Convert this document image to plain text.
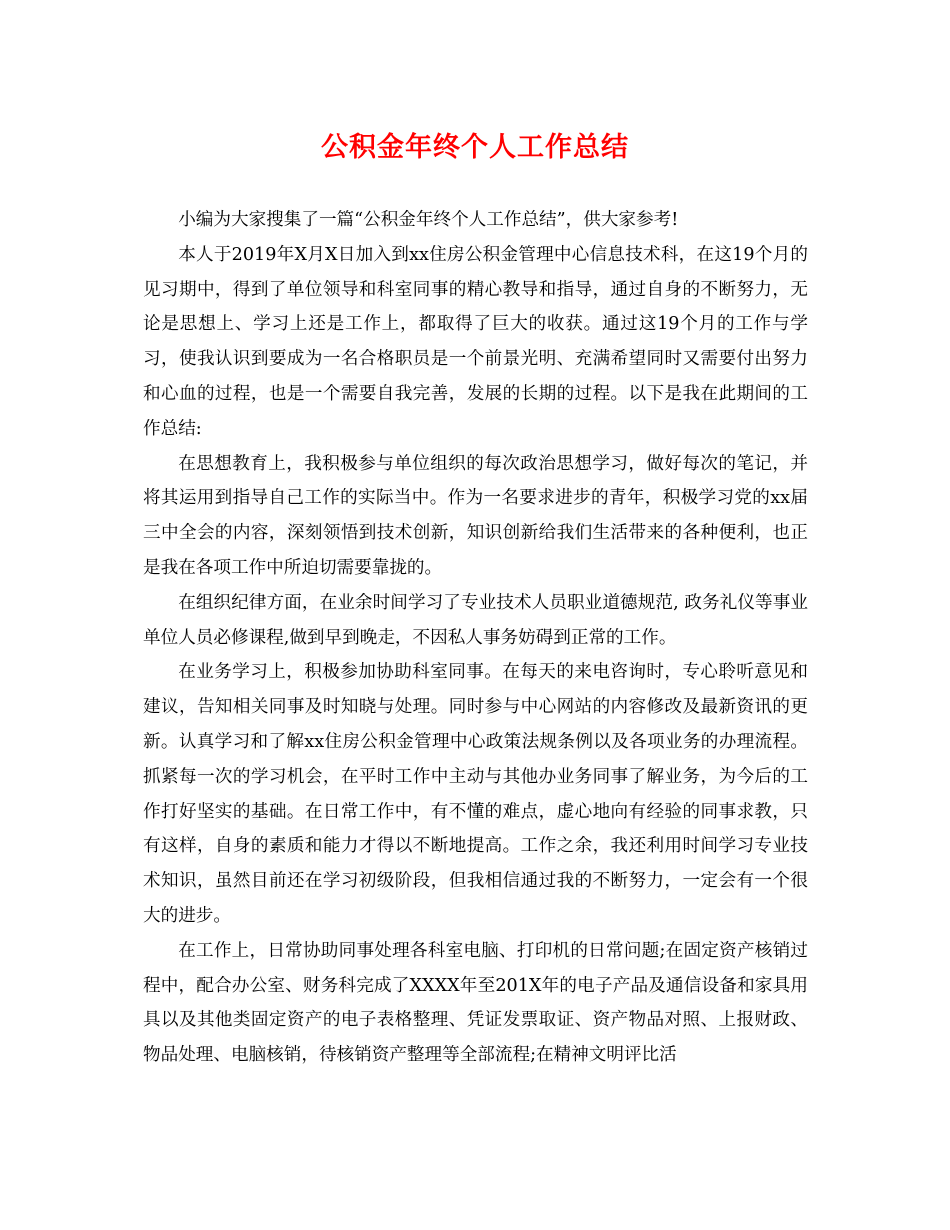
公积金年终个人工作总结

小编为大家搜集了一篇“公积金年终个人工作总结”，供大家参考!

本人于2019年X月X日加入到xx住房公积金管理中心信息技术科，在这19个月的见习期中，得到了单位领导和科室同事的精心教导和指导，通过自身的不断努力，无论是思想上、学习上还是工作上，都取得了巨大的收获。通过这19个月的工作与学习，使我认识到要成为一名合格职员是一个前景光明、充满希望同时又需要付出努力和心血的过程，也是一个需要自我完善，发展的长期的过程。以下是我在此期间的工作总结:

在思想教育上，我积极参与单位组织的每次政治思想学习，做好每次的笔记，并将其运用到指导自己工作的实际当中。作为一名要求进步的青年，积极学习党的xx届三中全会的内容，深刻领悟到技术创新，知识创新给我们生活带来的各种便利，也正是我在各项工作中所迫切需要靠拢的。

在组织纪律方面，在业余时间学习了专业技术人员职业道德规范, 政务礼仪等事业单位人员必修课程,做到早到晚走，不因私人事务妨碍到正常的工作。

在业务学习上，积极参加协助科室同事。在每天的来电咨询时，专心聆听意见和建议，告知相关同事及时知晓与处理。同时参与中心网站的内容修改及最新资讯的更新。认真学习和了解xx住房公积金管理中心政策法规条例以及各项业务的办理流程。抓紧每一次的学习机会，在平时工作中主动与其他办业务同事了解业务，为今后的工作打好坚实的基础。在日常工作中，有不懂的难点，虚心地向有经验的同事求教，只有这样，自身的素质和能力才得以不断地提高。工作之余，我还利用时间学习专业技术知识，虽然目前还在学习初级阶段，但我相信通过我的不断努力，一定会有一个很大的进步。

在工作上，日常协助同事处理各科室电脑、打印机的日常问题;在固定资产核销过程中，配合办公室、财务科完成了XXXX年至201X年的电子产品及通信设备和家具用具以及其他类固定资产的电子表格整理、凭证发票取证、资产物品对照、上报财政、物品处理、电脑核销，待核销资产整理等全部流程;在精神文明评比活
